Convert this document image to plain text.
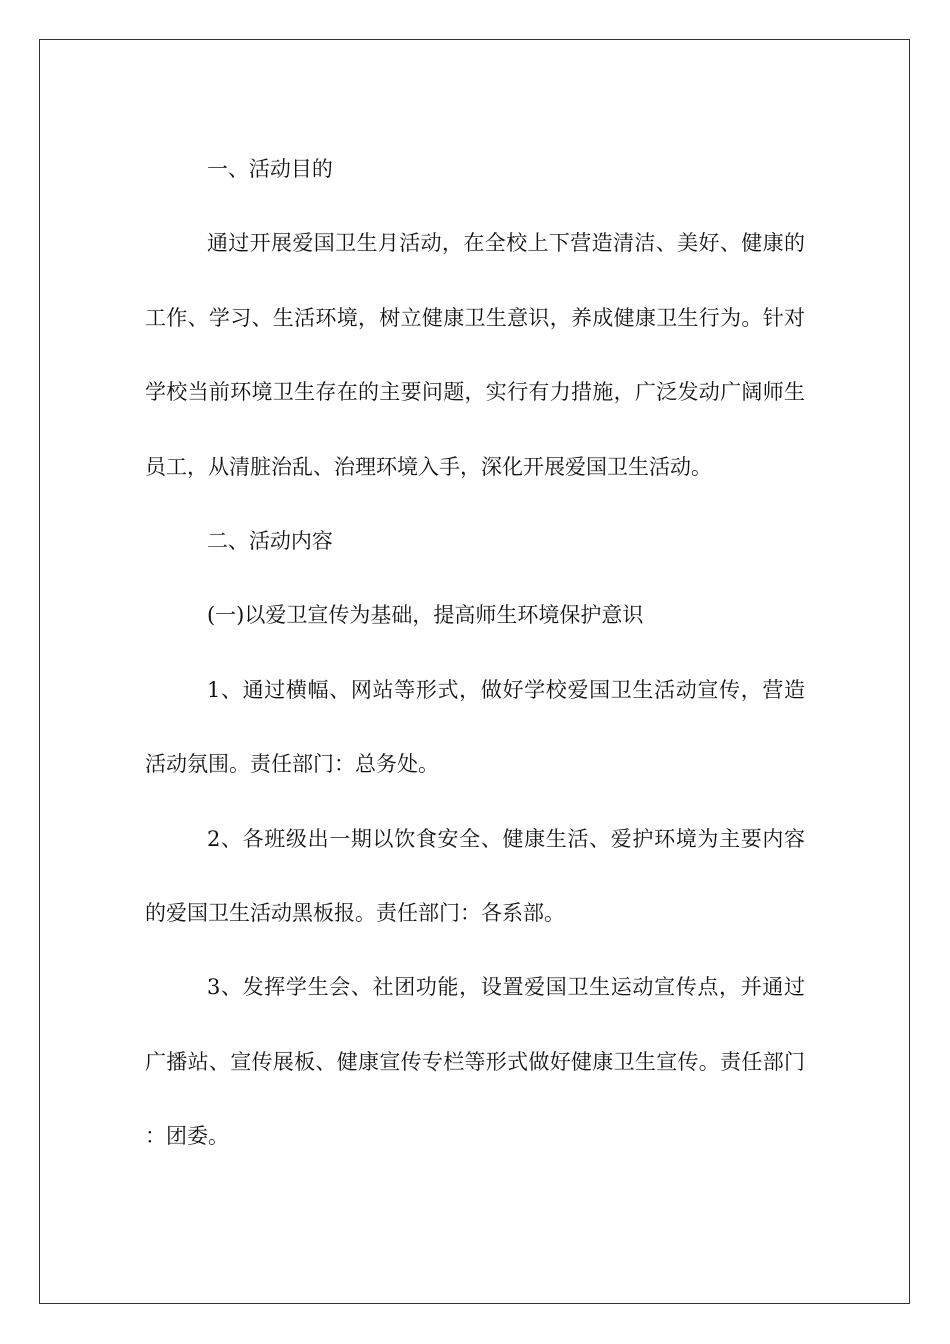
一、活动目的

通过开展爱国卫生月活动，在全校上下营造清洁、美好、健康的工作、学习、生活环境，树立健康卫生意识，养成健康卫生行为。针对学校当前环境卫生存在的主要问题，实行有力措施，广泛发动广阔师生员工，从清脏治乱、治理环境入手，深化开展爱国卫生活动。

二、活动内容

(一)以爱卫宣传为基础，提高师生环境保护意识

1、通过横幅、网站等形式，做好学校爱国卫生活动宣传，营造活动氛围。责任部门：总务处。

2、各班级出一期以饮食安全、健康生活、爱护环境为主要内容的爱国卫生活动黑板报。责任部门：各系部。

3、发挥学生会、社团功能，设置爱国卫生运动宣传点，并通过广播站、宣传展板、健康宣传专栏等形式做好健康卫生宣传。责任部门：团委。
